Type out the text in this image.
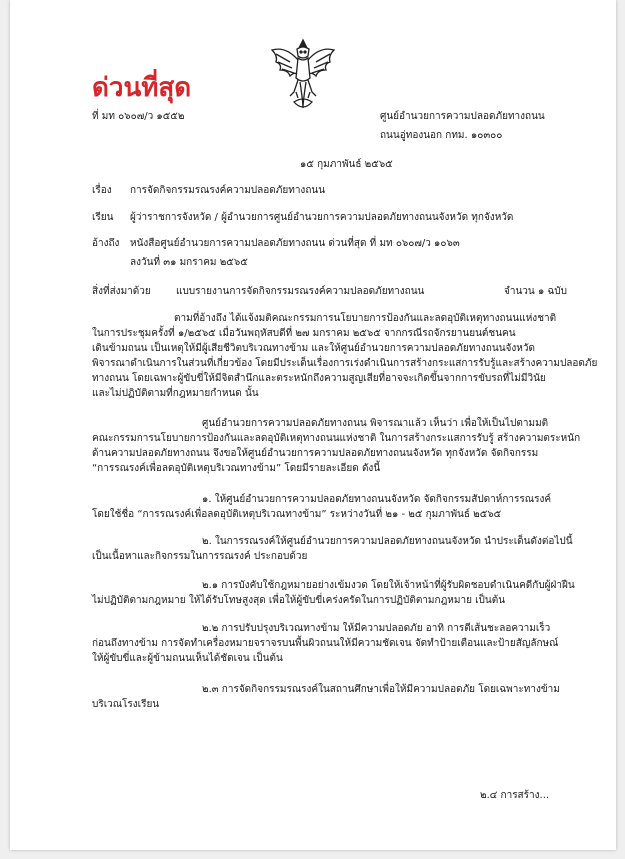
ด่วนที่สุด
ที่ มท ๐๖๐๗/ว ๑๕๕๒	ศูนย์อำนวยการความปลอดภัยทางถนน
ถนนอู่ทองนอก กทม. ๑๐๓๐๐
๑๕ กุมภาพันธ์ ๒๕๖๕
เรื่อง การจัดกิจกรรมรณรงค์ความปลอดภัยทางถนน
เรียน ผู้ว่าราชการจังหวัด / ผู้อำนวยการศูนย์อำนวยการความปลอดภัยทางถนนจังหวัด ทุกจังหวัด
อ้างถึง หนังสือศูนย์อำนวยการความปลอดภัยทางถนน ด่วนที่สุด ที่ มท ๐๖๐๗/ว ๑๐๖๓
ลงวันที่ ๓๑ มกราคม ๒๕๖๕
สิ่งที่ส่งมาด้วย	แบบรายงานการจัดกิจกรรมรณรงค์ความปลอดภัยทางถนน	จำนวน ๑ ฉบับ

ตามที่อ้างถึง ได้แจ้งมติคณะกรรมการนโยบายการป้องกันและลดอุบัติเหตุทางถนนแห่งชาติ

ในการประชุมครั้งที่ ๑/๒๕๖๕ เมื่อวันพฤหัสบดีที่ ๒๗ มกราคม ๒๕๖๕ จากกรณีรถจักรยานยนต์ชนคน

เดินข้ามถนน เป็นเหตุให้มีผู้เสียชีวิตบริเวณทางข้าม และให้ศูนย์อำนวยการความปลอดภัยทางถนนจังหวัด

พิจารณาดำเนินการในส่วนที่เกี่ยวข้อง โดยมีประเด็นเรื่องการเร่งดำเนินการสร้างกระแสการรับรู้และสร้างความปลอดภัย

ทางถนน โดยเฉพาะผู้ขับขี่ให้มีจิตสำนึกและตระหนักถึงความสูญเสียที่อาจจะเกิดขึ้นจากการขับรถที่ไม่มีวินัย

และไม่ปฏิบัติตามที่กฎหมายกำหนด นั้น

ศูนย์อำนวยการความปลอดภัยทางถนน พิจารณาแล้ว เห็นว่า เพื่อให้เป็นไปตามมติ

คณะกรรมการนโยบายการป้องกันและลดอุบัติเหตุทางถนนแห่งชาติ ในการสร้างกระแสการรับรู้ สร้างความตระหนัก

ด้านความปลอดภัยทางถนน จึงขอให้ศูนย์อำนวยการความปลอดภัยทางถนนจังหวัด ทุกจังหวัด จัดกิจกรรม

“การรณรงค์เพื่อลดอุบัติเหตุบริเวณทางข้าม” โดยมีรายละเอียด ดังนี้

๑. ให้ศูนย์อำนวยการความปลอดภัยทางถนนจังหวัด จัดกิจกรรมสัปดาห์การรณรงค์

โดยใช้ชื่อ “การรณรงค์เพื่อลดอุบัติเหตุบริเวณทางข้าม” ระหว่างวันที่ ๒๑ - ๒๕ กุมภาพันธ์ ๒๕๖๕

๒. ในการรณรงค์ให้ศูนย์อำนวยการความปลอดภัยทางถนนจังหวัด นำประเด็นดังต่อไปนี้

เป็นเนื้อหาและกิจกรรมในการรณรงค์ ประกอบด้วย

๒.๑ การบังคับใช้กฎหมายอย่างเข้มงวด โดยให้เจ้าหน้าที่ผู้รับผิดชอบดำเนินคดีกับผู้ฝ่าฝืน

ไม่ปฏิบัติตามกฎหมาย ให้ได้รับโทษสูงสุด เพื่อให้ผู้ขับขี่เคร่งครัดในการปฏิบัติตามกฎหมาย เป็นต้น

๒.๒ การปรับปรุงบริเวณทางข้าม ให้มีความปลอดภัย อาทิ การตีเส้นชะลอความเร็ว

ก่อนถึงทางข้าม การจัดทำเครื่องหมายจราจรบนพื้นผิวถนนให้มีความชัดเจน จัดทำป้ายเตือนและป้ายสัญลักษณ์

ให้ผู้ขับขี่และผู้ข้ามถนนเห็นได้ชัดเจน เป็นต้น

๒.๓ การจัดกิจกรรมรณรงค์ในสถานศึกษาเพื่อให้มีความปลอดภัย โดยเฉพาะทางข้าม

บริเวณโรงเรียน

๒.๔ การสร้าง...
